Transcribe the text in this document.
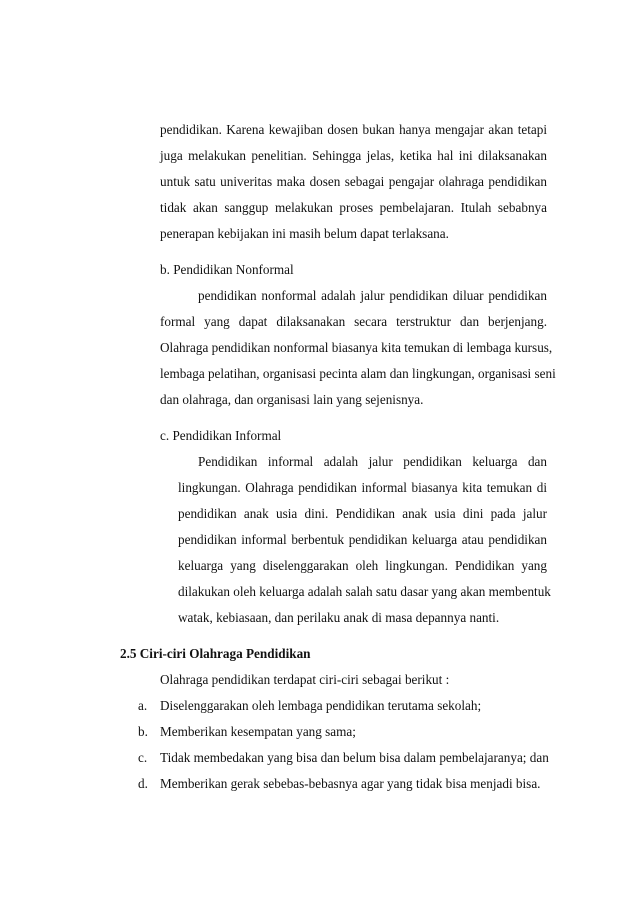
pendidikan. Karena kewajiban dosen bukan hanya mengajar akan tetapi
juga melakukan penelitian. Sehingga jelas, ketika hal ini dilaksanakan
untuk satu univeritas maka dosen sebagai pengajar olahraga pendidikan
tidak akan sanggup melakukan proses pembelajaran. Itulah sebabnya
penerapan kebijakan ini masih belum dapat terlaksana.
b. Pendidikan Nonformal
pendidikan nonformal adalah jalur pendidikan diluar pendidikan
formal yang dapat dilaksanakan secara terstruktur dan berjenjang.
Olahraga pendidikan nonformal biasanya kita temukan di lembaga kursus,
lembaga pelatihan, organisasi pecinta alam dan lingkungan, organisasi seni
dan olahraga, dan organisasi lain yang sejenisnya.
c. Pendidikan Informal
Pendidikan informal adalah jalur pendidikan keluarga dan
lingkungan. Olahraga pendidikan informal biasanya kita temukan di
pendidikan anak usia dini. Pendidikan anak usia dini pada jalur
pendidikan informal berbentuk pendidikan keluarga atau pendidikan
keluarga yang diselenggarakan oleh lingkungan. Pendidikan yang
dilakukan oleh keluarga adalah salah satu dasar yang akan membentuk
watak, kebiasaan, dan perilaku anak di masa depannya nanti.
2.5 Ciri-ciri Olahraga Pendidikan
Olahraga pendidikan terdapat ciri-ciri sebagai berikut :
a. Diselenggarakan oleh lembaga pendidikan terutama sekolah;
b. Memberikan kesempatan yang sama;
c. Tidak membedakan yang bisa dan belum bisa dalam pembelajaranya; dan
d. Memberikan gerak sebebas-bebasnya agar yang tidak bisa menjadi bisa.
